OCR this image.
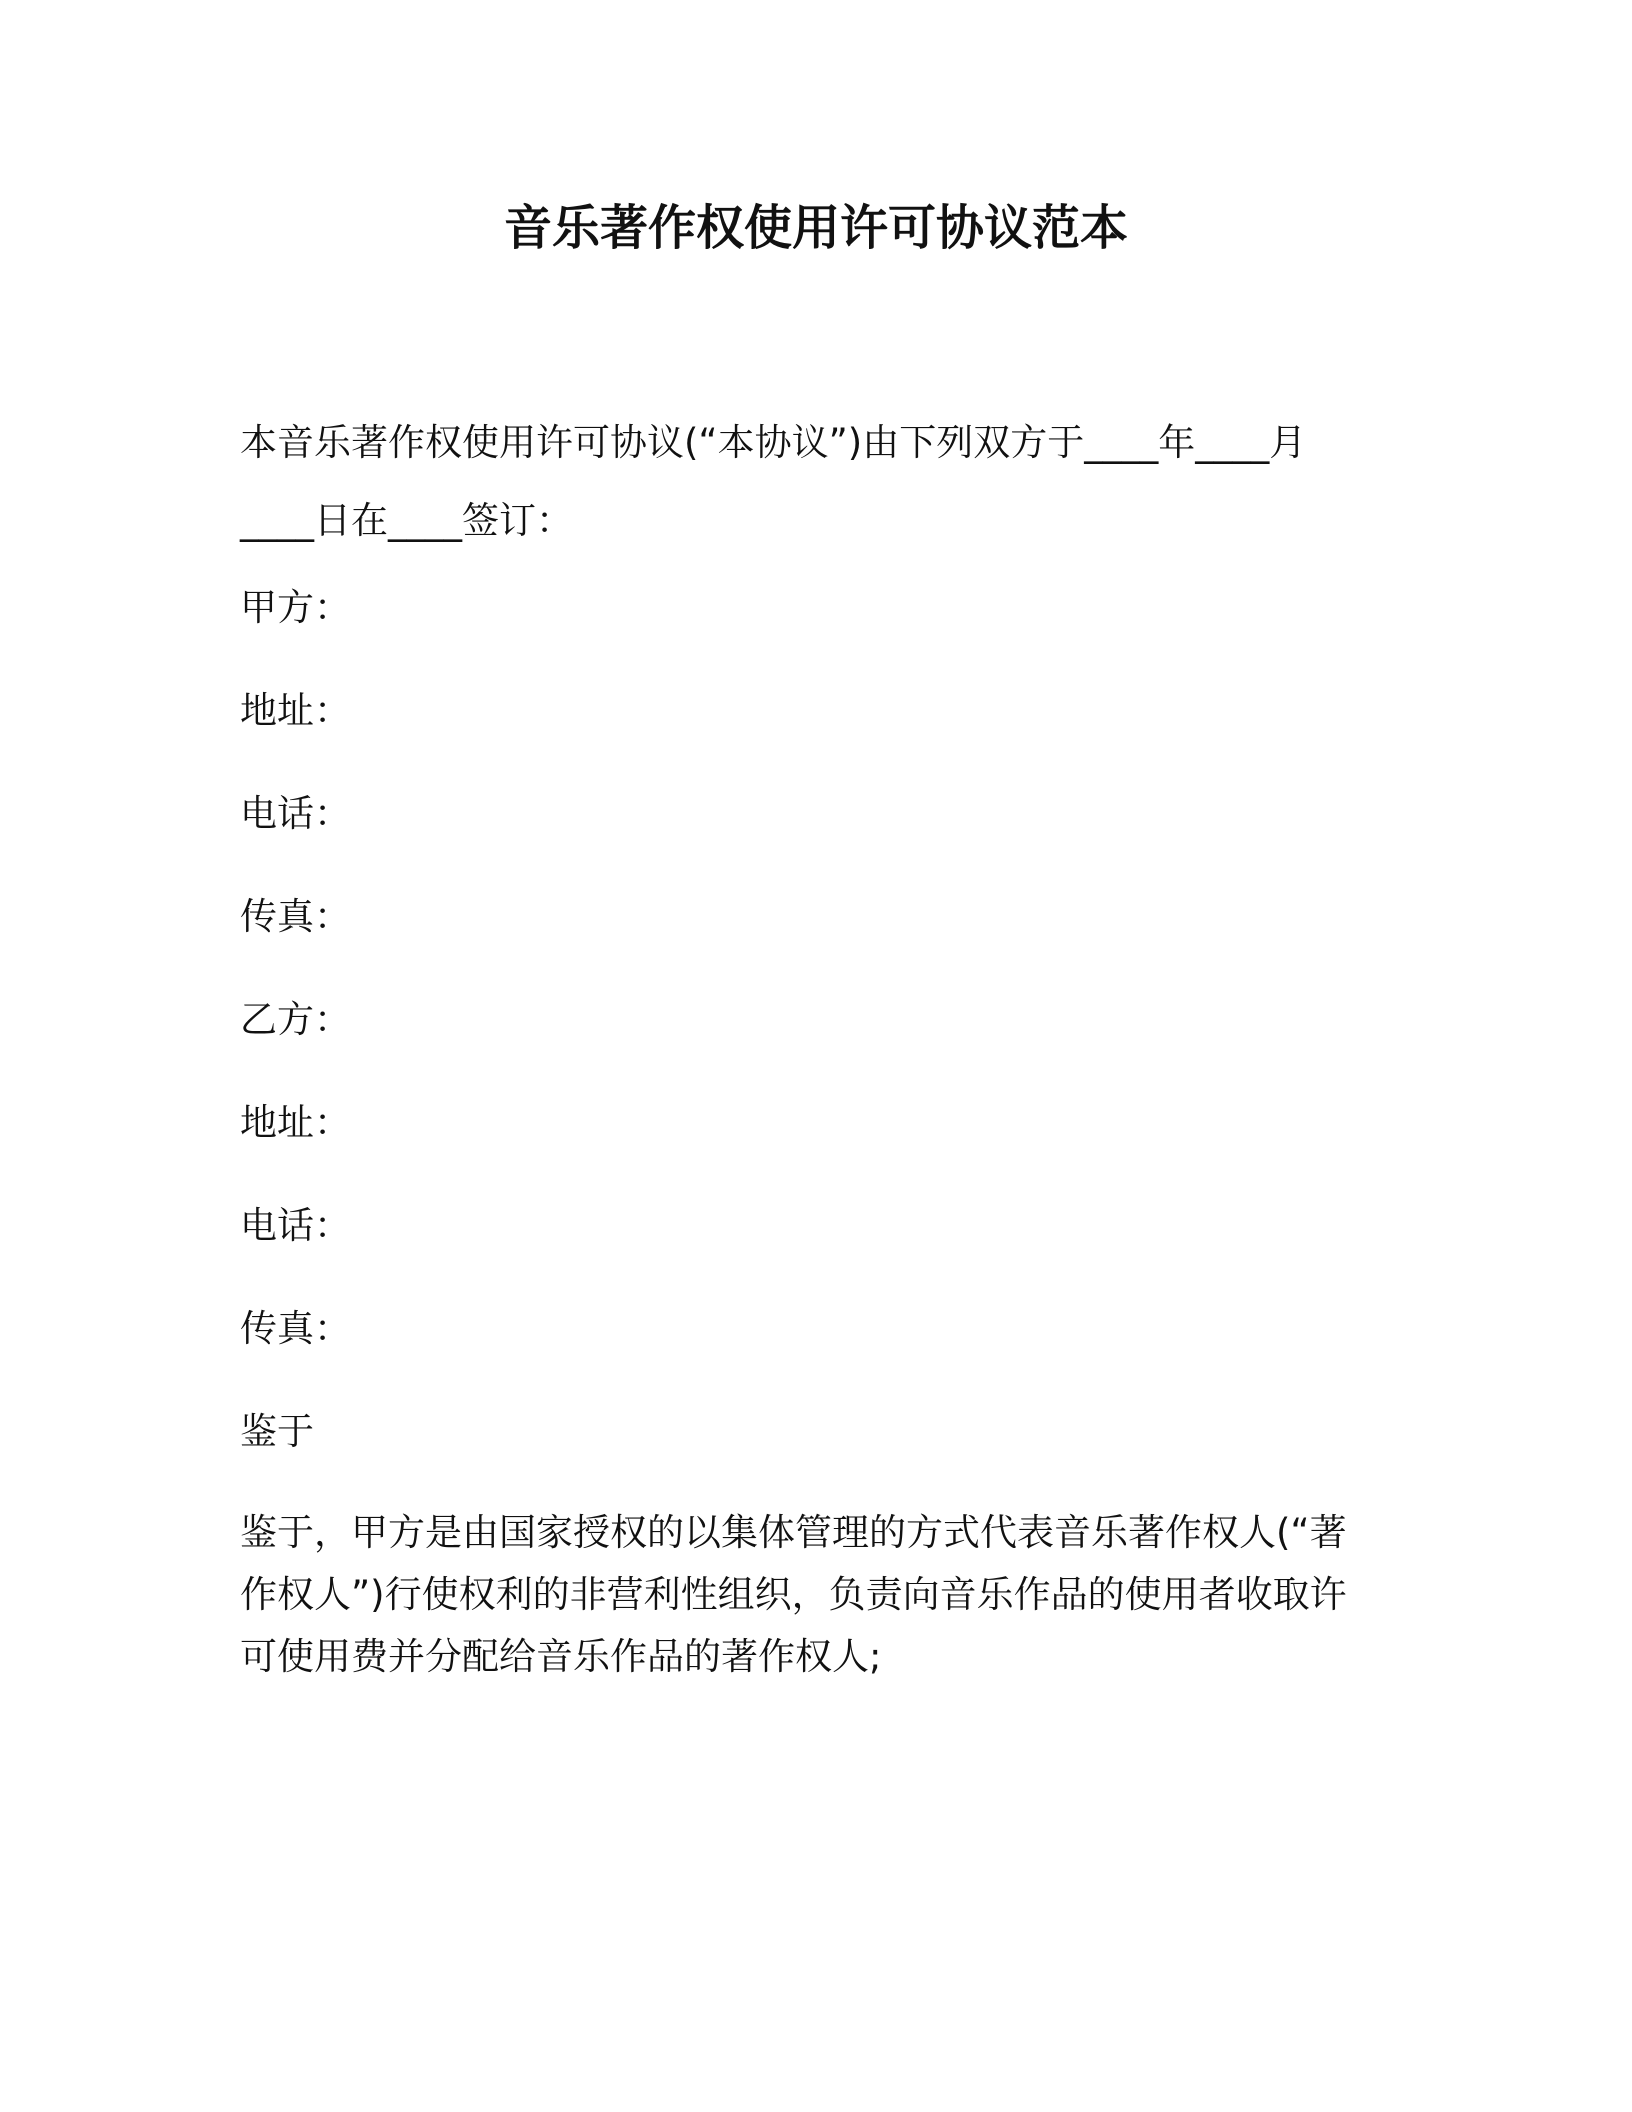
音乐著作权使用许可协议范本
本音乐著作权使用许可协议(“本协议”)由下列双方于____年____月
____日在____签订：
甲方：
地址：
电话：
传真：
乙方：
地址：
电话：
传真：
鉴于
鉴于，甲方是由国家授权的以集体管理的方式代表音乐著作权人(“著
作权人”)行使权利的非营利性组织，负责向音乐作品的使用者收取许
可使用费并分配给音乐作品的著作权人;
